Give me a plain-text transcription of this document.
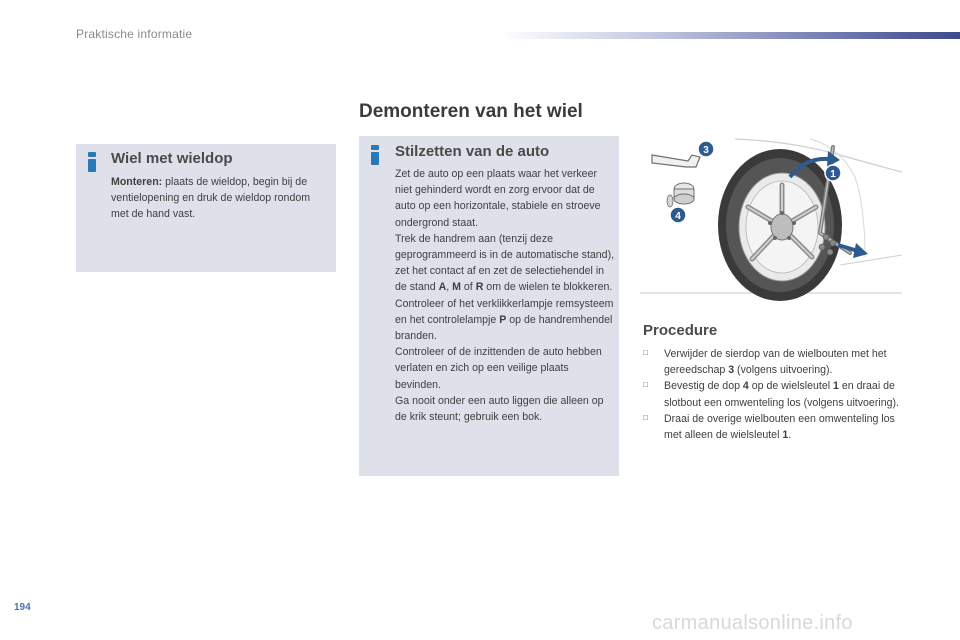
Praktische informatie
Demonteren van het wiel
Wiel met wieldop

Monteren: plaats de wieldop, begin bij de ventielopening en druk de wieldop rondom met de hand vast.

Stilzetten van de auto

Zet de auto op een plaats waar het verkeer niet gehinderd wordt en zorg ervoor dat de auto op een horizontale, stabiele en stroeve ondergrond staat.

Trek de handrem aan (tenzij deze geprogrammeerd is in de automatische stand), zet het contact af en zet de selectiehendel in de stand A, M of R om de wielen te blokkeren.

Controleer of het verklikkerlampje remsysteem en het controlelampje P op de handremhendel branden.

Controleer of de inzittenden de auto hebben verlaten en zich op een veilige plaats bevinden.

Ga nooit onder een auto liggen die alleen op de krik steunt; gebruik een bok.

3
1
4
Procedure
□ Verwijder de sierdop van de wielbouten met het gereedschap 3 (volgens uitvoering).
□ Bevestig de dop 4 op de wielsleutel 1 en draai de slotbout een omwenteling los (volgens uitvoering).
□ Draai de overige wielbouten een omwenteling los met alleen de wielsleutel 1.
194
carmanualsonline.info
